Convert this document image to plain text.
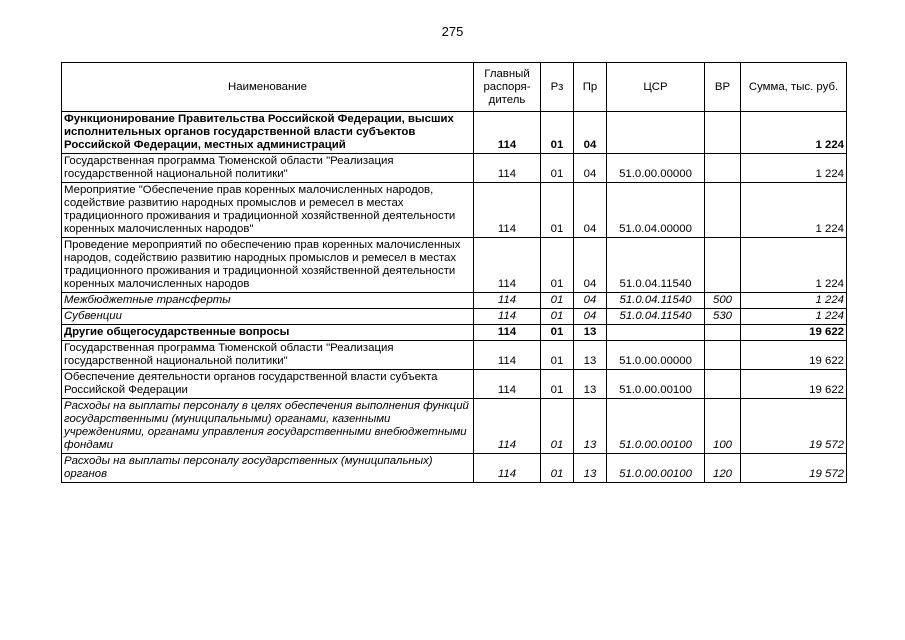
275
Наименование	Главный распоря-дитель	Рз	Пр	ЦСР	ВР	Сумма, тыс. руб.
Функционирование Правительства Российской Федерации, высших исполнительных органов государственной власти субъектов Российской Федерации, местных администраций	114	01	04			1 224
Государственная программа Тюменской области "Реализация государственной национальной политики"	114	01	04	51.0.00.00000		1 224
Мероприятие "Обеспечение прав коренных малочисленных народов, содействие развитию народных промыслов и ремесел в местах традиционного проживания и традиционной хозяйственной деятельности коренных малочисленных народов"	114	01	04	51.0.04.00000		1 224
Проведение мероприятий по обеспечению прав коренных малочисленных народов, содействию развитию народных промыслов и ремесел в местах традиционного проживания и традиционной хозяйственной деятельности коренных малочисленных народов	114	01	04	51.0.04.11540		1 224
Межбюджетные трансферты	114	01	04	51.0.04.11540	500	1 224
Субвенции	114	01	04	51.0.04.11540	530	1 224
Другие общегосударственные вопросы	114	01	13			19 622
Государственная программа Тюменской области "Реализация государственной национальной политики"	114	01	13	51.0.00.00000		19 622
Обеспечение деятельности органов государственной власти субъекта Российской Федерации	114	01	13	51.0.00.00100		19 622
Расходы на выплаты персоналу в целях обеспечения выполнения функций государственными (муниципальными) органами, казенными учреждениями, органами управления государственными внебюджетными фондами	114	01	13	51.0.00.00100	100	19 572
Расходы на выплаты персоналу государственных (муниципальных) органов	114	01	13	51.0.00.00100	120	19 572
